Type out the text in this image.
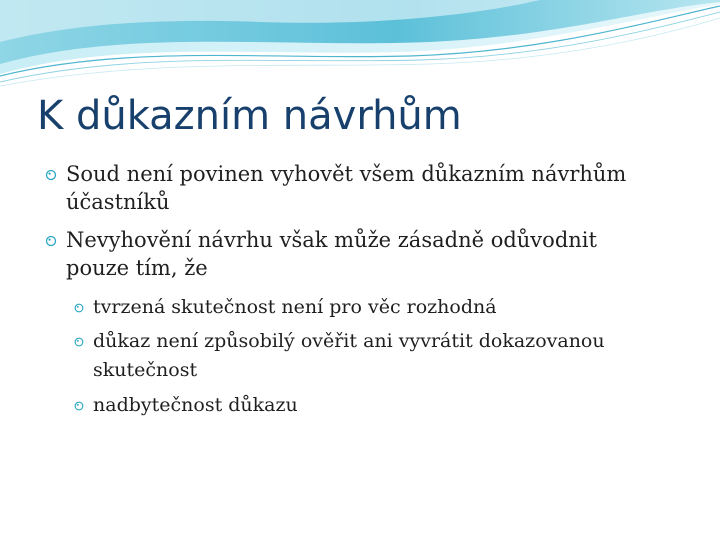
K důkazním návrhům
Soud není povinen vyhovět všem důkazním návrhům účastníků
Nevyhovění návrhu však může zásadně odůvodnit pouze tím, že
tvrzená skutečnost není pro věc rozhodná
důkaz není způsobilý ověřit ani vyvrátit dokazovanou skutečnost
nadbytečnost důkazu
